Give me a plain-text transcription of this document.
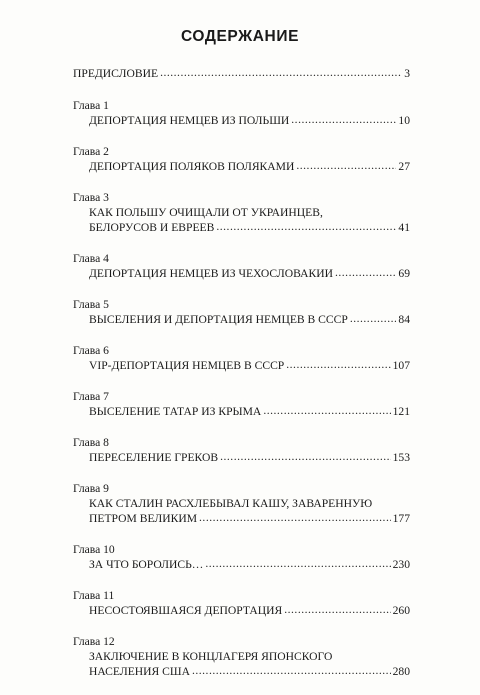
СОДЕРЖАНИЕ
ПРЕДИСЛОВИЕ .....	3
Глава 1
ДЕПОРТАЦИЯ НЕМЦЕВ ИЗ ПОЛЬШИ .....	10
Глава 2
ДЕПОРТАЦИЯ ПОЛЯКОВ ПОЛЯКАМИ .....	27
Глава 3
КАК ПОЛЬШУ ОЧИЩАЛИ ОТ УКРАИНЦЕВ,
БЕЛОРУСОВ И ЕВРЕЕВ .....	41
Глава 4
ДЕПОРТАЦИЯ НЕМЦЕВ ИЗ ЧЕХОСЛОВАКИИ .....	69
Глава 5
ВЫСЕЛЕНИЯ И ДЕПОРТАЦИЯ НЕМЦЕВ В СССР .....	84
Глава 6
VIP-ДЕПОРТАЦИЯ НЕМЦЕВ В СССР .....	107
Глава 7
ВЫСЕЛЕНИЕ ТАТАР ИЗ КРЫМА .....	121
Глава 8
ПЕРЕСЕЛЕНИЕ ГРЕКОВ .....	153
Глава 9
КАК СТАЛИН РАСХЛЕБЫВАЛ КАШУ, ЗАВАРЕННУЮ
ПЕТРОМ ВЕЛИКИМ .....	177
Глава 10
ЗА ЧТО БОРОЛИСЬ… .....	230
Глава 11
НЕСОСТОЯВШАЯСЯ ДЕПОРТАЦИЯ .....	260
Глава 12
ЗАКЛЮЧЕНИЕ В КОНЦЛАГЕРЯ ЯПОНСКОГО
НАСЕЛЕНИЯ США .....	280
